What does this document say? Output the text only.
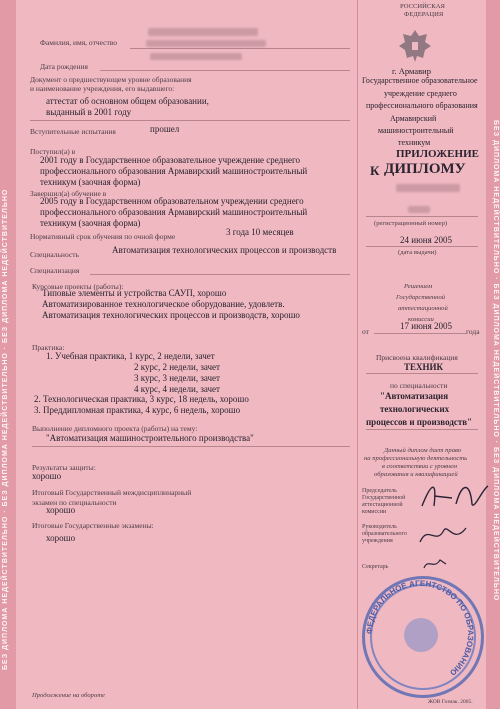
БЕЗ ДИПЛОМА НЕДЕЙСТВИТЕЛЬНО · БЕЗ ДИПЛОМА НЕДЕЙСТВИТЕЛЬНО · БЕЗ ДИПЛОМА НЕДЕЙСТВИТЕЛЬНО	БЕЗ ДИПЛОМА НЕДЕЙСТВИТЕЛЬНО · БЕЗ ДИПЛОМА НЕДЕЙСТВИТЕЛЬНО · БЕЗ ДИПЛОМА НЕДЕЙСТВИТЕЛЬНО
Фамилия, имя, отчество
Дата рождения
Документ о предшествующем уровне образования
и наименование учреждения, его выдавшего:
аттестат об основном общем образовании,
выданный в 2001 году
Вступительные испытания	прошел
Поступил(а) в
2001 году в Государственное образовательное учреждение среднего
профессионального образования Армавирский машиностроительный
техникум (заочная форма)
Завершил(а) обучение в
2005 году в Государственном образовательном учреждении среднего
профессионального образования Армавирский машиностроительный
техникум (заочная форма)
Нормативный срок обучения по очной форме	3 года 10 месяцев
Специальность	Автоматизация технологических процессов и производств
Специализация
Курсовые проекты (работы):
Типовые элементы и устройства САУП, хорошо
Автоматизированное технологическое оборудование, удовлетв.
Автоматизация технологических процессов и производств, хорошо
Практика:
1. Учебная практика, 1 курс, 2 недели, зачет
2 курс, 2 недели, зачет
3 курс, 3 недели, зачет
4 курс, 4 недели, зачет
2. Технологическая практика, 3 курс, 18 недель, хорошо
3. Преддипломная практика, 4 курс, 6 недель, хорошо
Выполнение дипломного проекта (работы) на тему:
"Автоматизация машиностроительного производства"
Результаты защиты:
хорошо
Итоговый Государственный междисциплинарный
экзамен по специальности
хорошо
Итоговые Государственные экзамены:
хорошо
Продолжение на обороте
РОССИЙСКАЯ
ФЕДЕРАЦИЯ
г. Армавир
Государственное образовательное
учреждение среднего
профессионального образования
Армавирский
машиностроительный
техникум
ПРИЛОЖЕНИЕ
К ДИПЛОМУ
(регистрационный номер)
24 июня 2005
(дата выдачи)
Решением
Государственной
аттестационной
комиссии
от
17 июня 2005
года
Присвоена квалификация
ТЕХНИК
по специальности
"Автоматизация
технологических
процессов и производств"
Данный диплом дает право
на профессиональную деятельность
в соответствии с уровнем
образования и квалификацией
Председатель
Государственной
аттестационной
комиссии
Руководитель
образовательного
учреждения
Секретарь
ФЕДЕРАЛЬНОЕ АГЕНТСТВО ПО ОБРАЗОВАНИЮ
ЖОВ Гознак. 2005.
